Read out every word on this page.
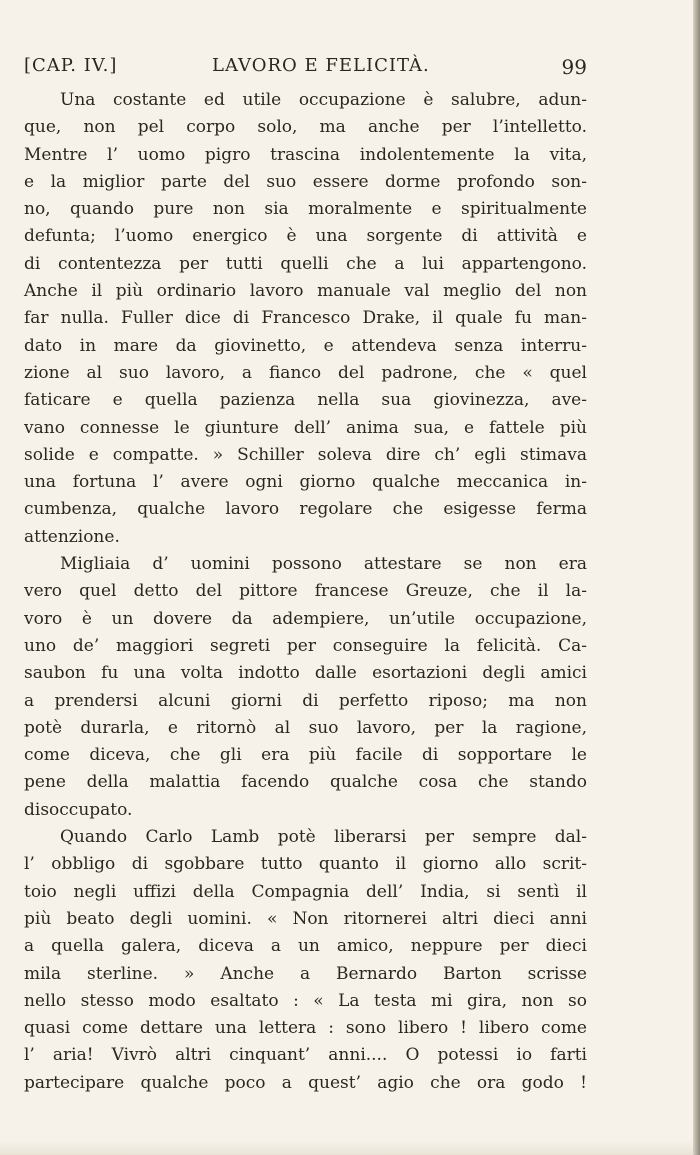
[CAP. IV.]	LAVORO E FELICITÀ.	99
Una costante ed utile occupazione è salubre, adun-
que, non pel corpo solo, ma anche per l’intelletto.
Mentre l’ uomo pigro trascina indolentemente la vita,
e la miglior parte del suo essere dorme profondo son-
no, quando pure non sia moralmente e spiritualmente
defunta; l’uomo energico è una sorgente di attività e
di contentezza per tutti quelli che a lui appartengono.
Anche il più ordinario lavoro manuale val meglio del non
far nulla. Fuller dice di Francesco Drake, il quale fu man-
dato in mare da giovinetto, e attendeva senza interru-
zione al suo lavoro, a fianco del padrone, che « quel
faticare e quella pazienza nella sua giovinezza, ave-
vano connesse le giunture dell’ anima sua, e fattele più
solide e compatte. » Schiller soleva dire ch’ egli stimava
una fortuna l’ avere ogni giorno qualche meccanica in-
cumbenza, qualche lavoro regolare che esigesse ferma
attenzione.
Migliaia d’ uomini possono attestare se non era
vero quel detto del pittore francese Greuze, che il la-
voro è un dovere da adempiere, un’utile occupazione,
uno de’ maggiori segreti per conseguire la felicità. Ca-
saubon fu una volta indotto dalle esortazioni degli amici
a prendersi alcuni giorni di perfetto riposo; ma non
potè durarla, e ritornò al suo lavoro, per la ragione,
come diceva, che gli era più facile di sopportare le
pene della malattia facendo qualche cosa che stando
disoccupato.
Quando Carlo Lamb potè liberarsi per sempre dal-
l’ obbligo di sgobbare tutto quanto il giorno allo scrit-
toio negli uffizi della Compagnia dell’ India, si sentì il
più beato degli uomini. « Non ritornerei altri dieci anni
a quella galera, diceva a un amico, neppure per dieci
mila sterline. » Anche a Bernardo Barton scrisse
nello stesso modo esaltato : « La testa mi gira, non so
quasi come dettare una lettera : sono libero ! libero come
l’ aria! Vivrò altri cinquant’ anni.... O potessi io farti
partecipare qualche poco a quest’ agio che ora godo !
